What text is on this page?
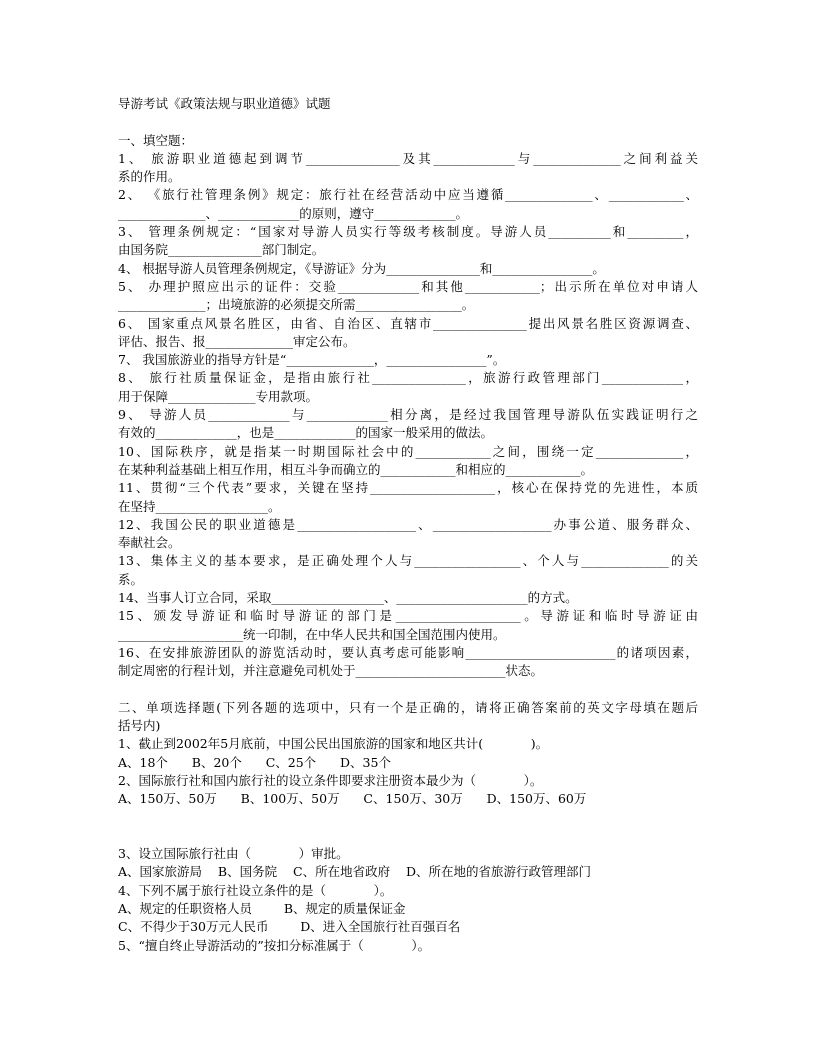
导游考试《政策法规与职业道德》试题
一、填空题：
1、 旅游职业道德起到调节_______________及其_____________与______________之间利益关
系的作用。
2、 《旅行社管理条例》规定：旅行社在经营活动中应当遵循______________、____________、
______________、_____________的原则，遵守_____________。
3、 管理条例规定：“国家对导游人员实行等级考核制度。导游人员__________和_________，
由国务院_______________部门制定。
4、 根据导游人员管理条例规定，《导游证》分为_______________和________________。
5、 办理护照应出示的证件：交验_____________和其他____________；出示所在单位对申请人
______________；出境旅游的必须提交所需_________________。
6、 国家重点风景名胜区，由省、自治区、直辖市_______________提出风景名胜区资源调查、
评估、报告、报______________审定公布。
7、 我国旅游业的指导方针是“______________，________________”。
8、 旅行社质量保证金，是指由旅行社_______________，旅游行政管理部门_____________，
用于保障______________专用款项。
9、 导游人员_____________与_____________相分离，是经过我国管理导游队伍实践证明行之
有效的_____________，也是_____________的国家一般采用的做法。
10、国际秩序，就是指某一时期国际社会中的____________之间，围绕一定______________，
在某种利益基础上相互作用，相互斗争而确立的____________和相应的____________。
11、贯彻“三个代表”要求，关键在坚持____________________，核心在保持党的先进性，本质
在坚持__________________。
12、我国公民的职业道德是___________________、___________________办事公道、服务群众、
奉献社会。
13、集体主义的基本要求，是正确处理个人与_________________、个人与______________的关
系。
14、当事人订立合同，采取__________________、_____________________的方式。
15、颁发导游证和临时导游证的部门是____________________。导游证和临时导游证由
____________________统一印制，在中华人民共和国全国范围内使用。
16、在安排旅游团队的游览活动时，要认真考虑可能影响________________________的诸项因素，
制定周密的行程计划，并注意避免司机处于________________________状态。
二、单项选择题(下列各题的选项中，只有一个是正确的，请将正确答案前的英文字母填在题后
括号内)
1、截止到2002年5月底前，中国公民出国旅游的国家和地区共计(            )。
A、18个      B、20个      C、25个      D、35个
2、国际旅行社和国内旅行社的设立条件即要求注册资本最少为（            ）。
A、150万、50万      B、100万、50万      C、150万、30万      D、150万、60万
3、设立国际旅行社由（            ）审批。
A、国家旅游局    B、国务院    C、所在地省政府    D、所在地的省旅游行政管理部门
4、下列不属于旅行社设立条件的是（            ）。
A、规定的任职资格人员        B、规定的质量保证金
C、不得少于30万元人民币        D、进入全国旅行社百强百名
5、“擅自终止导游活动的”按扣分标准属于（            ）。
